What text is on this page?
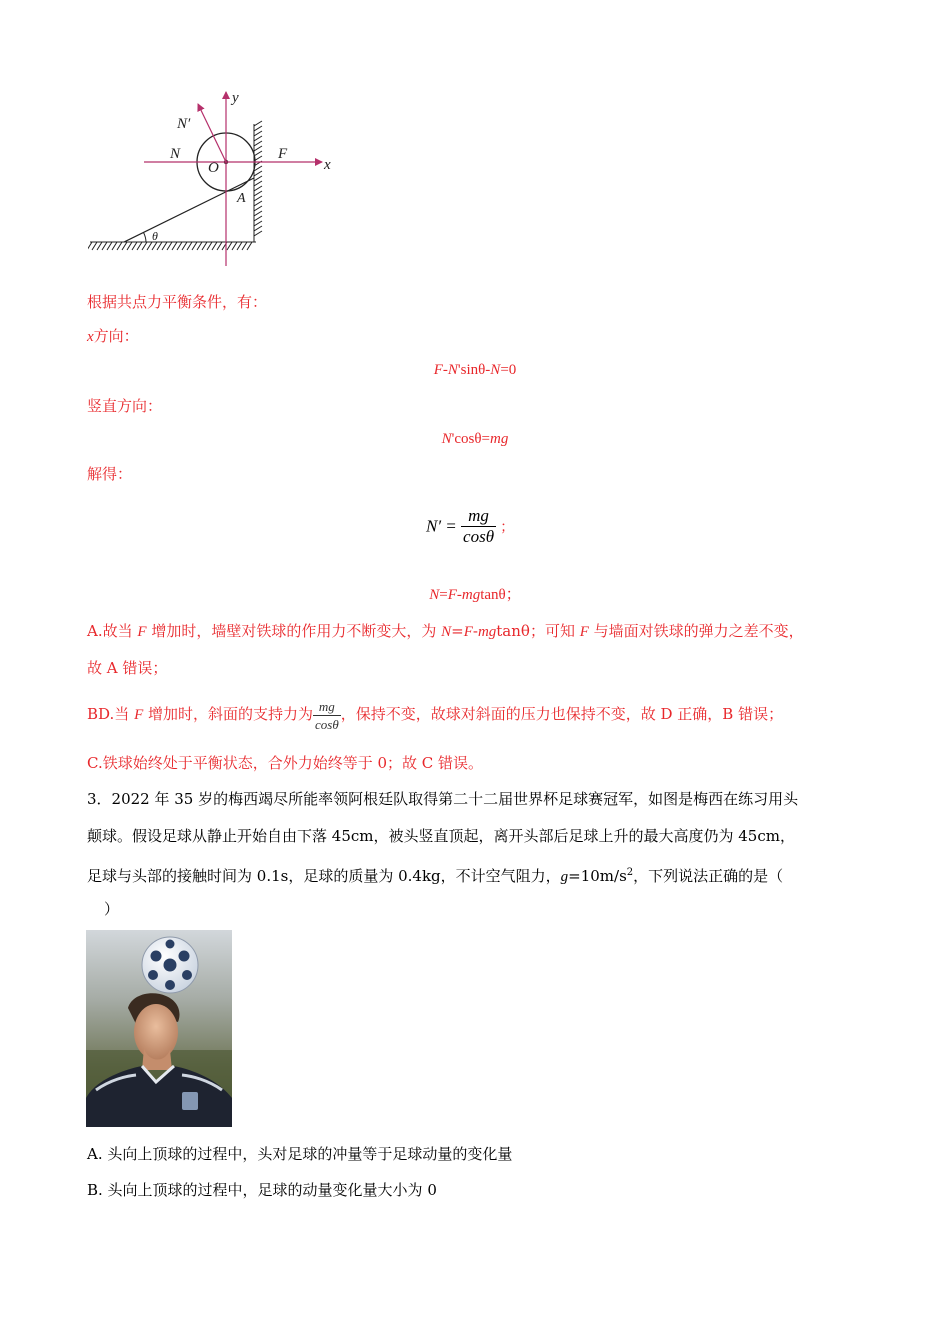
y
x
N′
N
O
F
A
θ
根据共点力平衡条件，有：
x方向：
F-N'sinθ-N=0
竖直方向：
N'cosθ=mg
解得：
$N' = \frac{mg}{\cos\theta}$ ；
N=F-mgtanθ；
A.故当 F 增加时，墙壁对铁球的作用力不断变大，为 N=F-mgtanθ；可知 F 与墙面对铁球的弹力之差不变，
故 A 错误；
BD.当 F 增加时，斜面的支持力为 $\frac{mg}{\cos\theta}$ ，保持不变，故球对斜面的压力也保持不变，故 D 正确，B 错误；
C.铁球始终处于平衡状态，合外力始终等于 0；故 C 错误。
3．2022 年 35 岁的梅西竭尽所能率领阿根廷队取得第二十二届世界杯足球赛冠军，如图是梅西在练习用头
颠球。假设足球从静止开始自由下落 45cm，被头竖直顶起，离开头部后足球上升的最大高度仍为 45cm，
足球与头部的接触时间为 0.1s，足球的质量为 0.4kg，不计空气阻力，$g=10m/s^2$，下列说法正确的是（
）
A. 头向上顶球的过程中，头对足球的冲量等于足球动量的变化量
B. 头向上顶球的过程中，足球的动量变化量大小为 0
